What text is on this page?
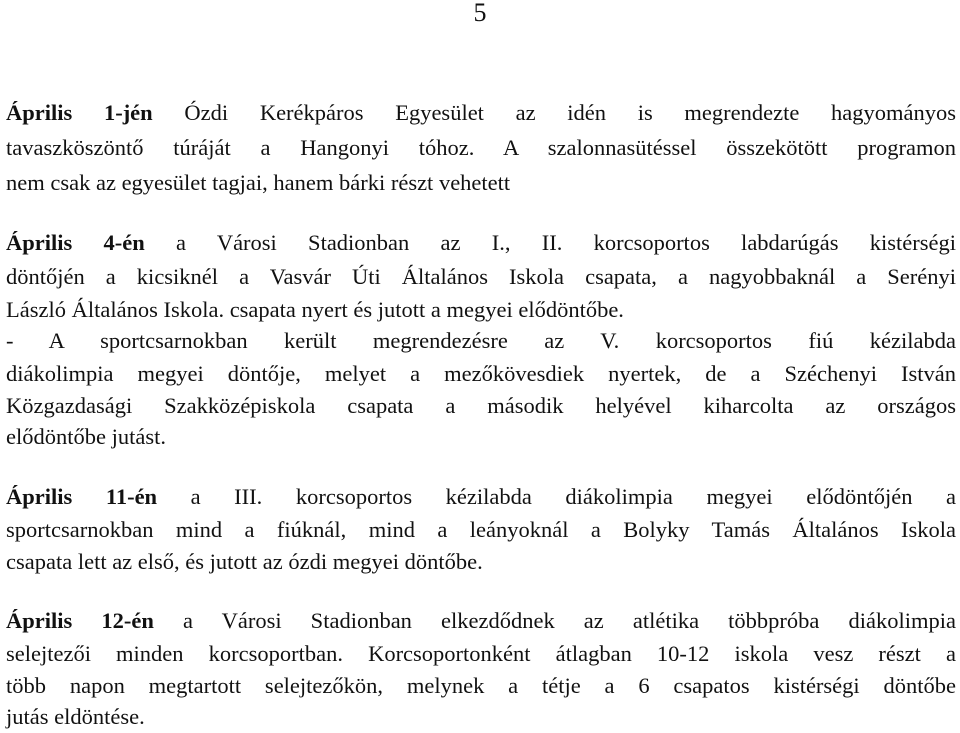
5
Április 1-jén Ózdi Kerékpáros Egyesület az idén is megrendezte hagyományos
tavaszköszöntő túráját a Hangonyi tóhoz. A szalonnasütéssel összekötött programon
nem csak az egyesület tagjai, hanem bárki részt vehetett
Április 4-én a Városi Stadionban az I., II. korcsoportos labdarúgás kistérségi
döntőjén a kicsiknél a Vasvár Úti Általános Iskola csapata, a nagyobbaknál a Serényi
László Általános Iskola. csapata nyert és jutott a megyei elődöntőbe.
- A sportcsarnokban került megrendezésre az V. korcsoportos fiú kézilabda
diákolimpia megyei döntője, melyet a mezőkövesdiek nyertek, de a Széchenyi István
Közgazdasági Szakközépiskola csapata a második helyével kiharcolta az országos
elődöntőbe jutást.
Április 11-én a III. korcsoportos kézilabda diákolimpia megyei elődöntőjén a
sportcsarnokban mind a fiúknál, mind a leányoknál a Bolyky Tamás Általános Iskola
csapata lett az első, és jutott az ózdi megyei döntőbe.
Április 12-én a Városi Stadionban elkezdődnek az atlétika többpróba diákolimpia
selejtezői minden korcsoportban. Korcsoportonként átlagban 10-12 iskola vesz részt a
több napon megtartott selejtezőkön, melynek a tétje a 6 csapatos kistérségi döntőbe
jutás eldöntése.
